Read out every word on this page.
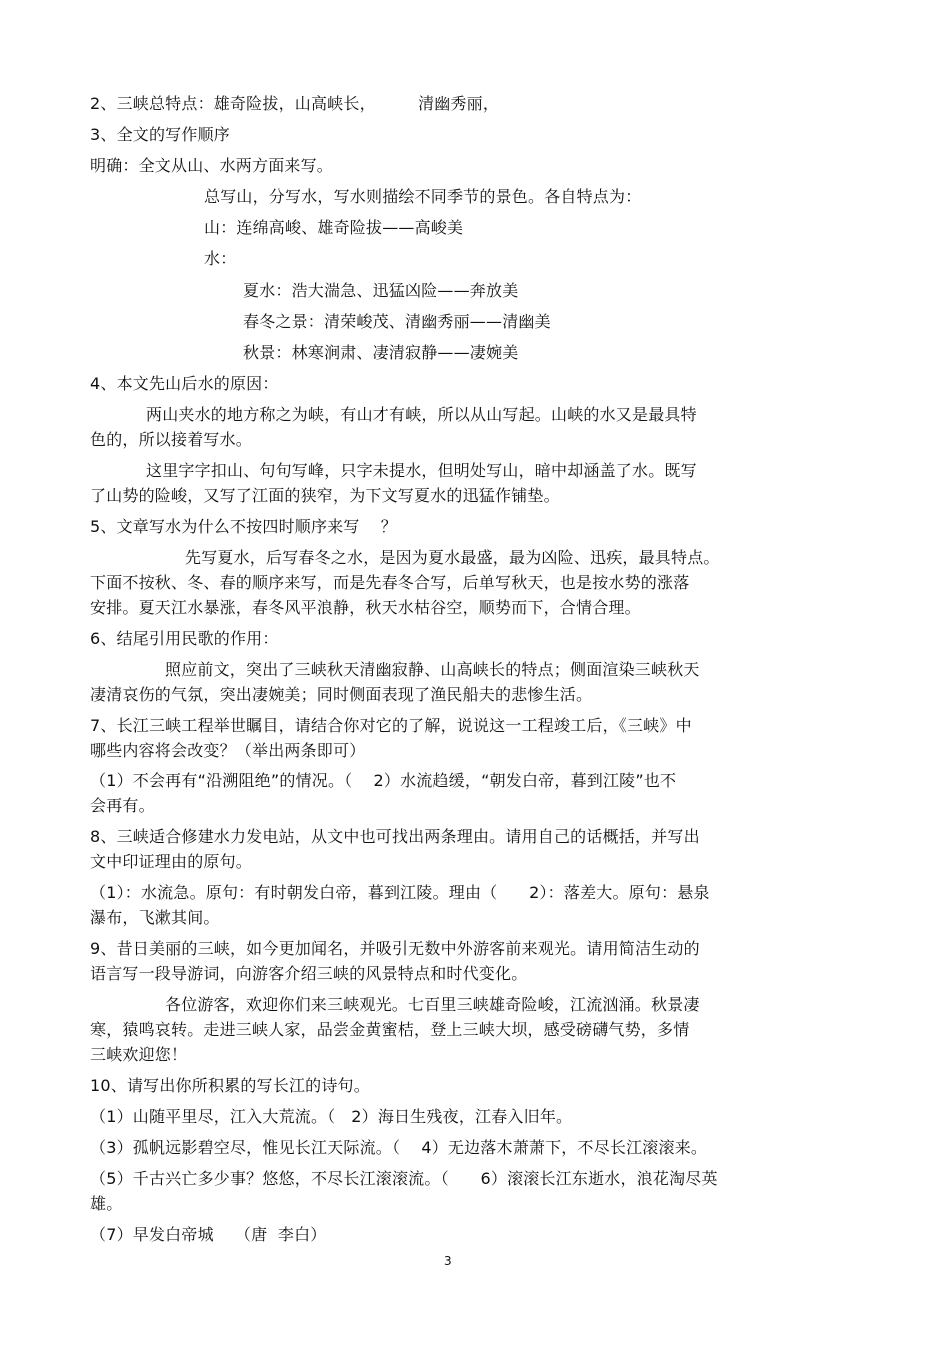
2、三峡总特点：雄奇险拔，山高峡长，        清幽秀丽，
3、全文的写作顺序
明确：全文从山、水两方面来写。
总写山，分写水，写水则描绘不同季节的景色。各自特点为：
山：连绵高峻、雄奇险拔——高峻美
水：
夏水：浩大湍急、迅猛凶险——奔放美
春冬之景：清荣峻茂、清幽秀丽——清幽美
秋景：林寒涧肃、凄清寂静——凄婉美
4、本文先山后水的原因：
两山夹水的地方称之为峡，有山才有峡，所以从山写起。山峡的水又是最具特
色的，所以接着写水。
这里字字扣山、句句写峰，只字未提水，但明处写山，暗中却涵盖了水。既写
了山势的险峻，又写了江面的狭窄，为下文写夏水的迅猛作铺垫。
5、文章写水为什么不按四时顺序来写    ？
先写夏水，后写春冬之水，是因为夏水最盛，最为凶险、迅疾，最具特点。
下面不按秋、冬、春的顺序来写，而是先春冬合写，后单写秋天，也是按水势的涨落
安排。夏天江水暴涨，春冬风平浪静，秋天水枯谷空，顺势而下，合情合理。
6、结尾引用民歌的作用：
照应前文，突出了三峡秋天清幽寂静、山高峡长的特点；侧面渲染三峡秋天
凄清哀伤的气氛，突出凄婉美；同时侧面表现了渔民船夫的悲惨生活。
7、长江三峡工程举世瞩目，请结合你对它的了解，说说这一工程竣工后，《三峡》中
哪些内容将会改变？（举出两条即可）
（1）不会再有“沿溯阻绝”的情况。（    2）水流趋缓，“朝发白帝，暮到江陵”也不
会再有。
8、三峡适合修建水力发电站，从文中也可找出两条理由。请用自己的话概括，并写出
文中印证理由的原句。
（1）：水流急。原句：有时朝发白帝，暮到江陵。理由（      2）：落差大。原句：悬泉
瀑布，飞漱其间。
9、昔日美丽的三峡，如今更加闻名，并吸引无数中外游客前来观光。请用简洁生动的
语言写一段导游词，向游客介绍三峡的风景特点和时代变化。
各位游客，欢迎你们来三峡观光。七百里三峡雄奇险峻，江流汹涌。秋景凄
寒，猿鸣哀转。走进三峡人家，品尝金黄蜜桔，登上三峡大坝，感受磅礴气势，多情
三峡欢迎您！
10、请写出你所积累的写长江的诗句。
（1）山随平里尽，江入大荒流。（   2）海日生残夜，江春入旧年。
（3）孤帆远影碧空尽，惟见长江天际流。（    4）无边落木萧萧下，不尽长江滚滚来。
（5）千古兴亡多少事？悠悠，不尽长江滚滚流。（      6）滚滚长江东逝水，浪花淘尽英
雄。
（7）早发白帝城    （唐  李白）
3
